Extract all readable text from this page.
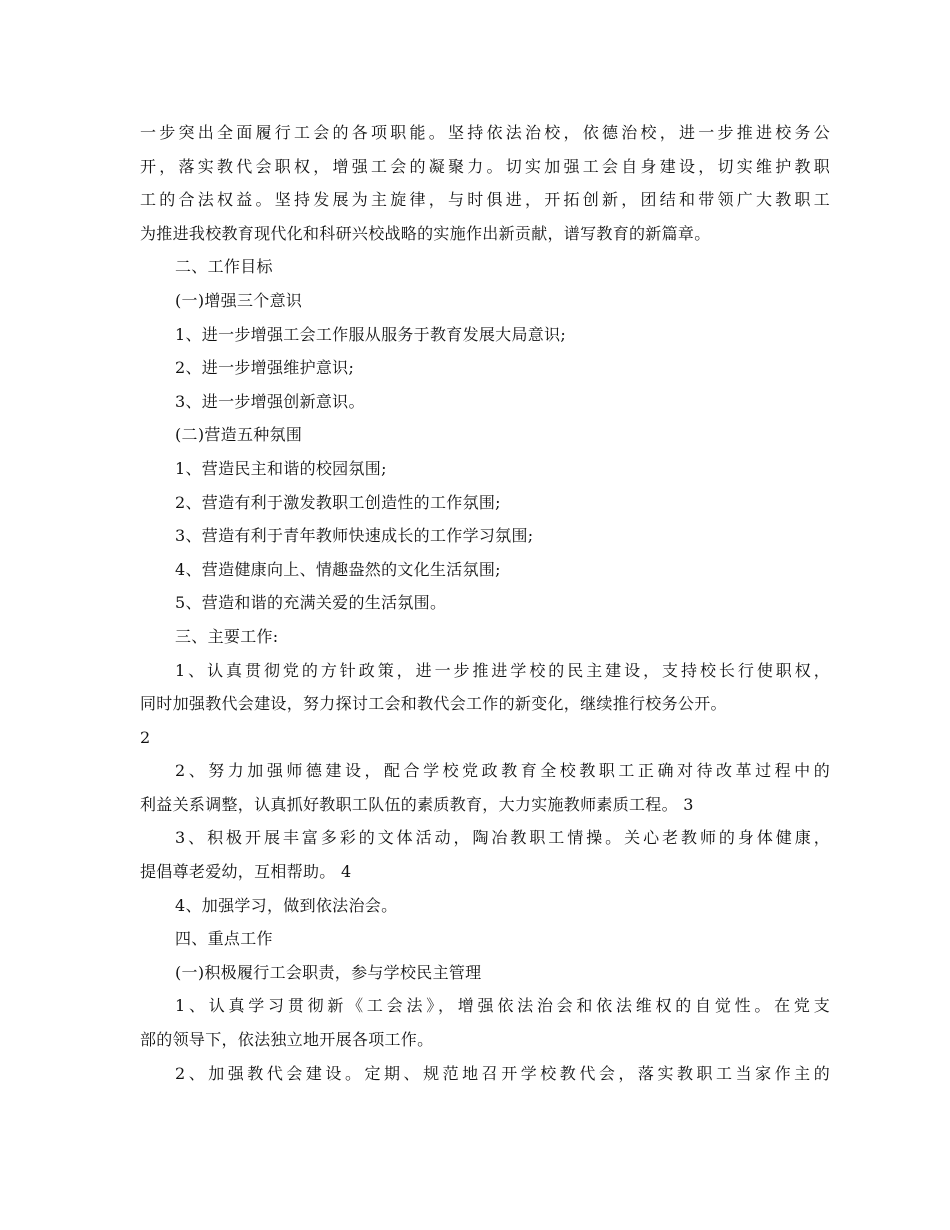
一步突出全面履行工会的各项职能。坚持依法治校，依德治校，进一步推进校务公
开，落实教代会职权，增强工会的凝聚力。切实加强工会自身建设，切实维护教职
工的合法权益。坚持发展为主旋律，与时俱进，开拓创新，团结和带领广大教职工
为推进我校教育现代化和科研兴校战略的实施作出新贡献，谱写教育的新篇章。
二、工作目标
(一)增强三个意识
1、进一步增强工会工作服从服务于教育发展大局意识;
2、进一步增强维护意识;
3、进一步增强创新意识。
(二)营造五种氛围
1、营造民主和谐的校园氛围;
2、营造有利于激发教职工创造性的工作氛围;
3、营造有利于青年教师快速成长的工作学习氛围;
4、营造健康向上、情趣盎然的文化生活氛围;
5、营造和谐的充满关爱的生活氛围。
三、主要工作:
1、认真贯彻党的方针政策，进一步推进学校的民主建设，支持校长行使职权，
同时加强教代会建设，努力探讨工会和教代会工作的新变化，继续推行校务公开。
2
2、努力加强师德建设，配合学校党政教育全校教职工正确对待改革过程中的
利益关系调整，认真抓好教职工队伍的素质教育，大力实施教师素质工程。 3
3、积极开展丰富多彩的文体活动，陶冶教职工情操。关心老教师的身体健康，
提倡尊老爱幼，互相帮助。 4
4、加强学习，做到依法治会。
四、重点工作
(一)积极履行工会职责，参与学校民主管理
1、认真学习贯彻新《工会法》，增强依法治会和依法维权的自觉性。在党支
部的领导下，依法独立地开展各项工作。
2、加强教代会建设。定期、规范地召开学校教代会，落实教职工当家作主的
